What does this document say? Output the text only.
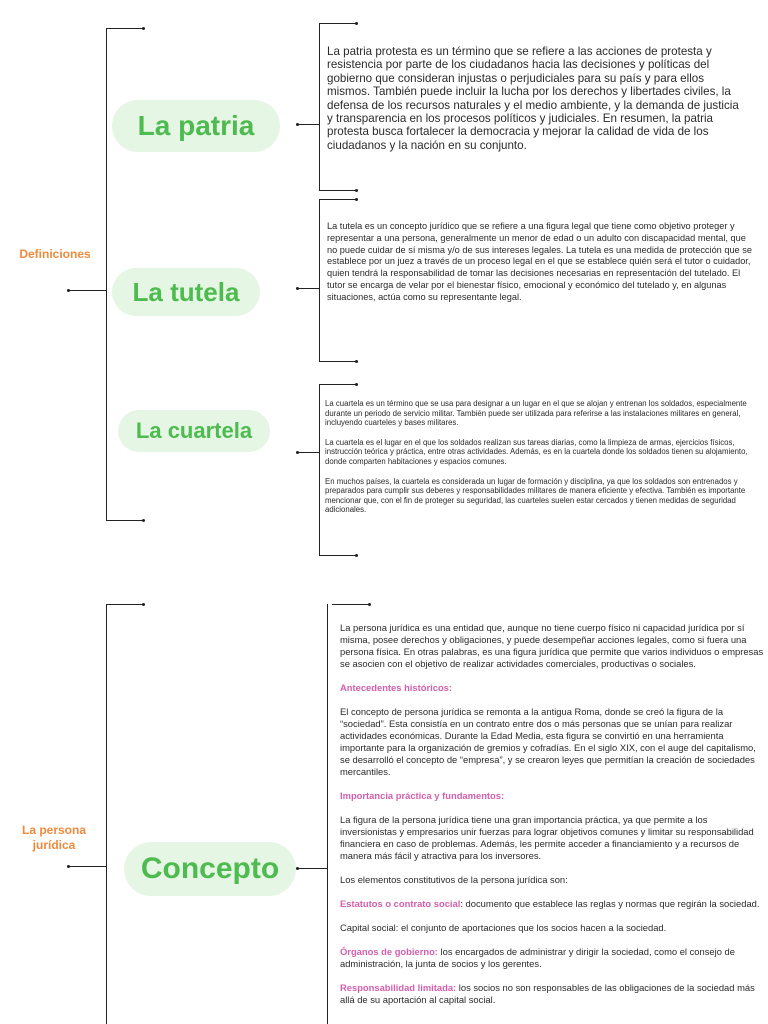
Definiciones
La patria

La patria protesta es un término que se refiere a las acciones de protesta y resistencia por parte de los ciudadanos hacia las decisiones y políticas del gobierno que consideran injustas o perjudiciales para su país y para ellos mismos. También puede incluir la lucha por los derechos y libertades civiles, la defensa de los recursos naturales y el medio ambiente, y la demanda de justicia y transparencia en los procesos políticos y judiciales. En resumen, la patria protesta busca fortalecer la democracia y mejorar la calidad de vida de los ciudadanos y la nación en su conjunto.

La tutela

La tutela es un concepto jurídico que se refiere a una figura legal que tiene como objetivo proteger y representar a una persona, generalmente un menor de edad o un adulto con discapacidad mental, que no puede cuidar de sí misma y/o de sus intereses legales. La tutela es una medida de protección que se establece por un juez a través de un proceso legal en el que se establece quién será el tutor o cuidador, quien tendrá la responsabilidad de tomar las decisiones necesarias en representación del tutelado. El tutor se encarga de velar por el bienestar físico, emocional y económico del tutelado y, en algunas situaciones, actúa como su representante legal.

La cuartela

La cuartela es un término que se usa para designar a un lugar en el que se alojan y entrenan los soldados, especialmente durante un periodo de servicio militar. También puede ser utilizada para referirse a las instalaciones militares en general, incluyendo cuarteles y bases militares.

La cuartela es el lugar en el que los soldados realizan sus tareas diarias, como la limpieza de armas, ejercicios físicos, instrucción teórica y práctica, entre otras actividades. Además, es en la cuartela donde los soldados tienen su alojamiento, donde comparten habitaciones y espacios comunes.

En muchos países, la cuartela es considerada un lugar de formación y disciplina, ya que los soldados son entrenados y preparados para cumplir sus deberes y responsabilidades militares de manera eficiente y efectiva. También es importante mencionar que, con el fin de proteger su seguridad, las cuarteles suelen estar cercados y tienen medidas de seguridad adicionales.

La persona jurídica
Concepto

La persona jurídica es una entidad que, aunque no tiene cuerpo físico ni capacidad jurídica por sí misma, posee derechos y obligaciones, y puede desempeñar acciones legales, como si fuera una persona física. En otras palabras, es una figura jurídica que permite que varios individuos o empresas se asocien con el objetivo de realizar actividades comerciales, productivas o sociales.

Antecedentes históricos:

El concepto de persona jurídica se remonta a la antigua Roma, donde se creó la figura de la “sociedad”. Esta consistía en un contrato entre dos o más personas que se unían para realizar actividades económicas. Durante la Edad Media, esta figura se convirtió en una herramienta importante para la organización de gremios y cofradías. En el siglo XIX, con el auge del capitalismo, se desarrolló el concepto de “empresa”, y se crearon leyes que permitían la creación de sociedades mercantiles.

Importancia práctica y fundamentos:

La figura de la persona jurídica tiene una gran importancia práctica, ya que permite a los inversionistas y empresarios unir fuerzas para lograr objetivos comunes y limitar su responsabilidad financiera en caso de problemas. Además, les permite acceder a financiamiento y a recursos de manera más fácil y atractiva para los inversores.

Los elementos constitutivos de la persona jurídica son:

Estatutos o contrato social: documento que establece las reglas y normas que regirán la sociedad.

Capital social: el conjunto de aportaciones que los socios hacen a la sociedad.

Órganos de gobierno: los encargados de administrar y dirigir la sociedad, como el consejo de administración, la junta de socios y los gerentes.

Responsabilidad limitada: los socios no son responsables de las obligaciones de la sociedad más allá de su aportación al capital social.
